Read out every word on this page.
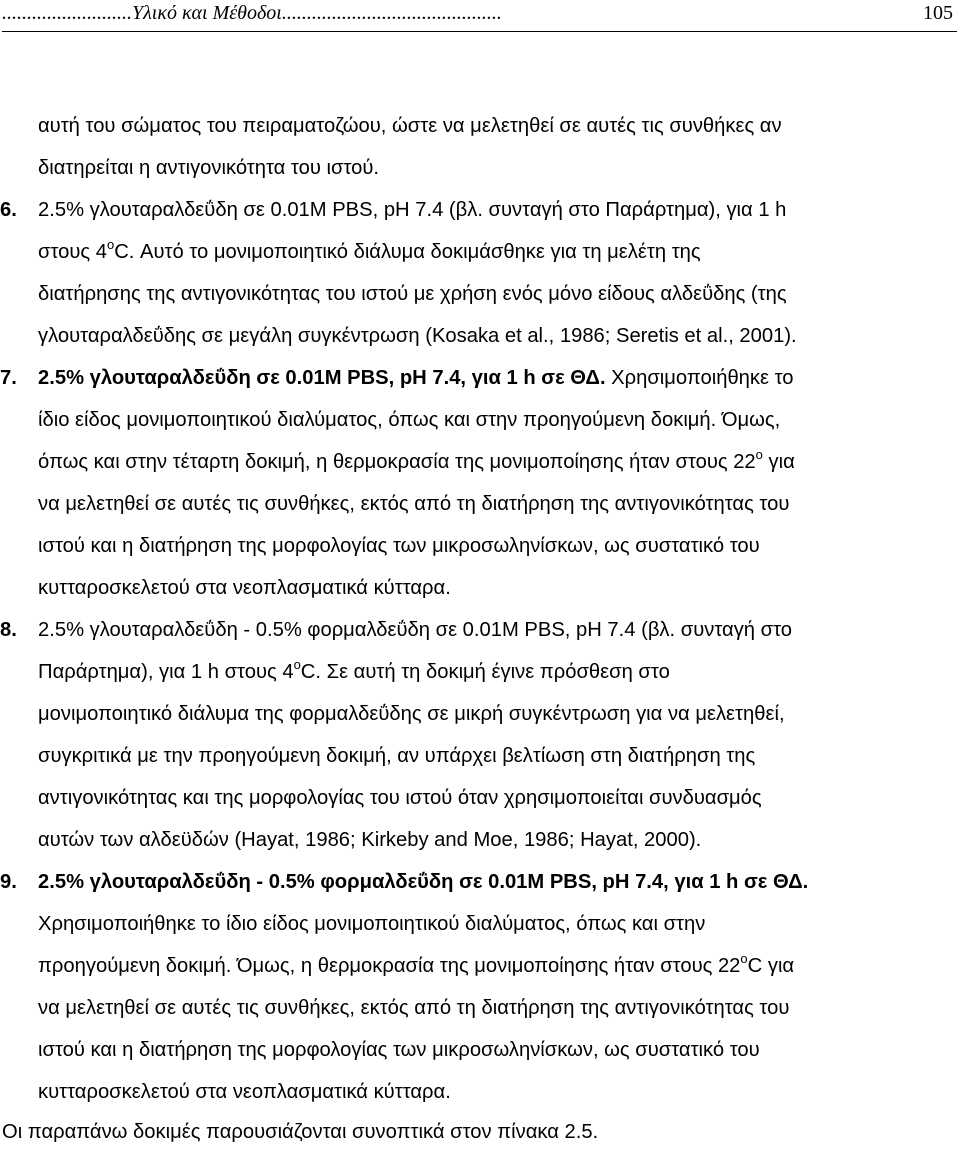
..........................Υλικό και Μέθοδοι............................................	105
αυτή του σώματος του πειραματοζώου, ώστε να μελετηθεί σε αυτές τις συνθήκες αν
διατηρείται η αντιγονικότητα του ιστού.
6. 2.5% γλουταραλδεΰδη σε 0.01M PBS, pH 7.4 (βλ. συνταγή στο Παράρτημα), για 1 h
στους 4$^o$C. Αυτό το μονιμοποιητικό διάλυμα δοκιμάσθηκε για τη μελέτη της
διατήρησης της αντιγονικότητας του ιστού με χρήση ενός μόνο είδους αλδεΰδης (της
γλουταραλδεΰδης σε μεγάλη συγκέντρωση (Kosaka et al., 1986; Seretis et al., 2001).
7. 2.5% γλουταραλδεΰδη σε 0.01M PBS, pH 7.4, για 1 h σε ΘΔ. Χρησιμοποιήθηκε το
ίδιο είδος μονιμοποιητικού διαλύματος, όπως και στην προηγούμενη δοκιμή. Όμως,
όπως και στην τέταρτη δοκιμή, η θερμοκρασία της μονιμοποίησης ήταν στους 22$^o$ για
να μελετηθεί σε αυτές τις συνθήκες, εκτός από τη διατήρηση της αντιγονικότητας του
ιστού και η διατήρηση της μορφολογίας των μικροσωληνίσκων, ως συστατικό του
κυτταροσκελετού στα νεοπλασματικά κύτταρα.
8. 2.5% γλουταραλδεΰδη - 0.5% φορμαλδεΰδη σε 0.01M PBS, pH 7.4 (βλ. συνταγή στο
Παράρτημα), για 1 h στους 4$^o$C. Σε αυτή τη δοκιμή έγινε πρόσθεση στο
μονιμοποιητικό διάλυμα της φορμαλδεΰδης σε μικρή συγκέντρωση για να μελετηθεί,
συγκριτικά με την προηγούμενη δοκιμή, αν υπάρχει βελτίωση στη διατήρηση της
αντιγονικότητας και της μορφολογίας του ιστού όταν χρησιμοποιείται συνδυασμός
αυτών των αλδεϋδών (Hayat, 1986; Kirkeby and Moe, 1986; Hayat, 2000).
9. 2.5% γλουταραλδεΰδη - 0.5% φορμαλδεΰδη σε 0.01M PBS, pH 7.4, για 1 h σε ΘΔ.
Χρησιμοποιήθηκε το ίδιο είδος μονιμοποιητικού διαλύματος, όπως και στην
προηγούμενη δοκιμή. Όμως, η θερμοκρασία της μονιμοποίησης ήταν στους 22$^o$C για
να μελετηθεί σε αυτές τις συνθήκες, εκτός από τη διατήρηση της αντιγονικότητας του
ιστού και η διατήρηση της μορφολογίας των μικροσωληνίσκων, ως συστατικό του
κυτταροσκελετού στα νεοπλασματικά κύτταρα.
Οι παραπάνω δοκιμές παρουσιάζονται συνοπτικά στον πίνακα 2.5.
